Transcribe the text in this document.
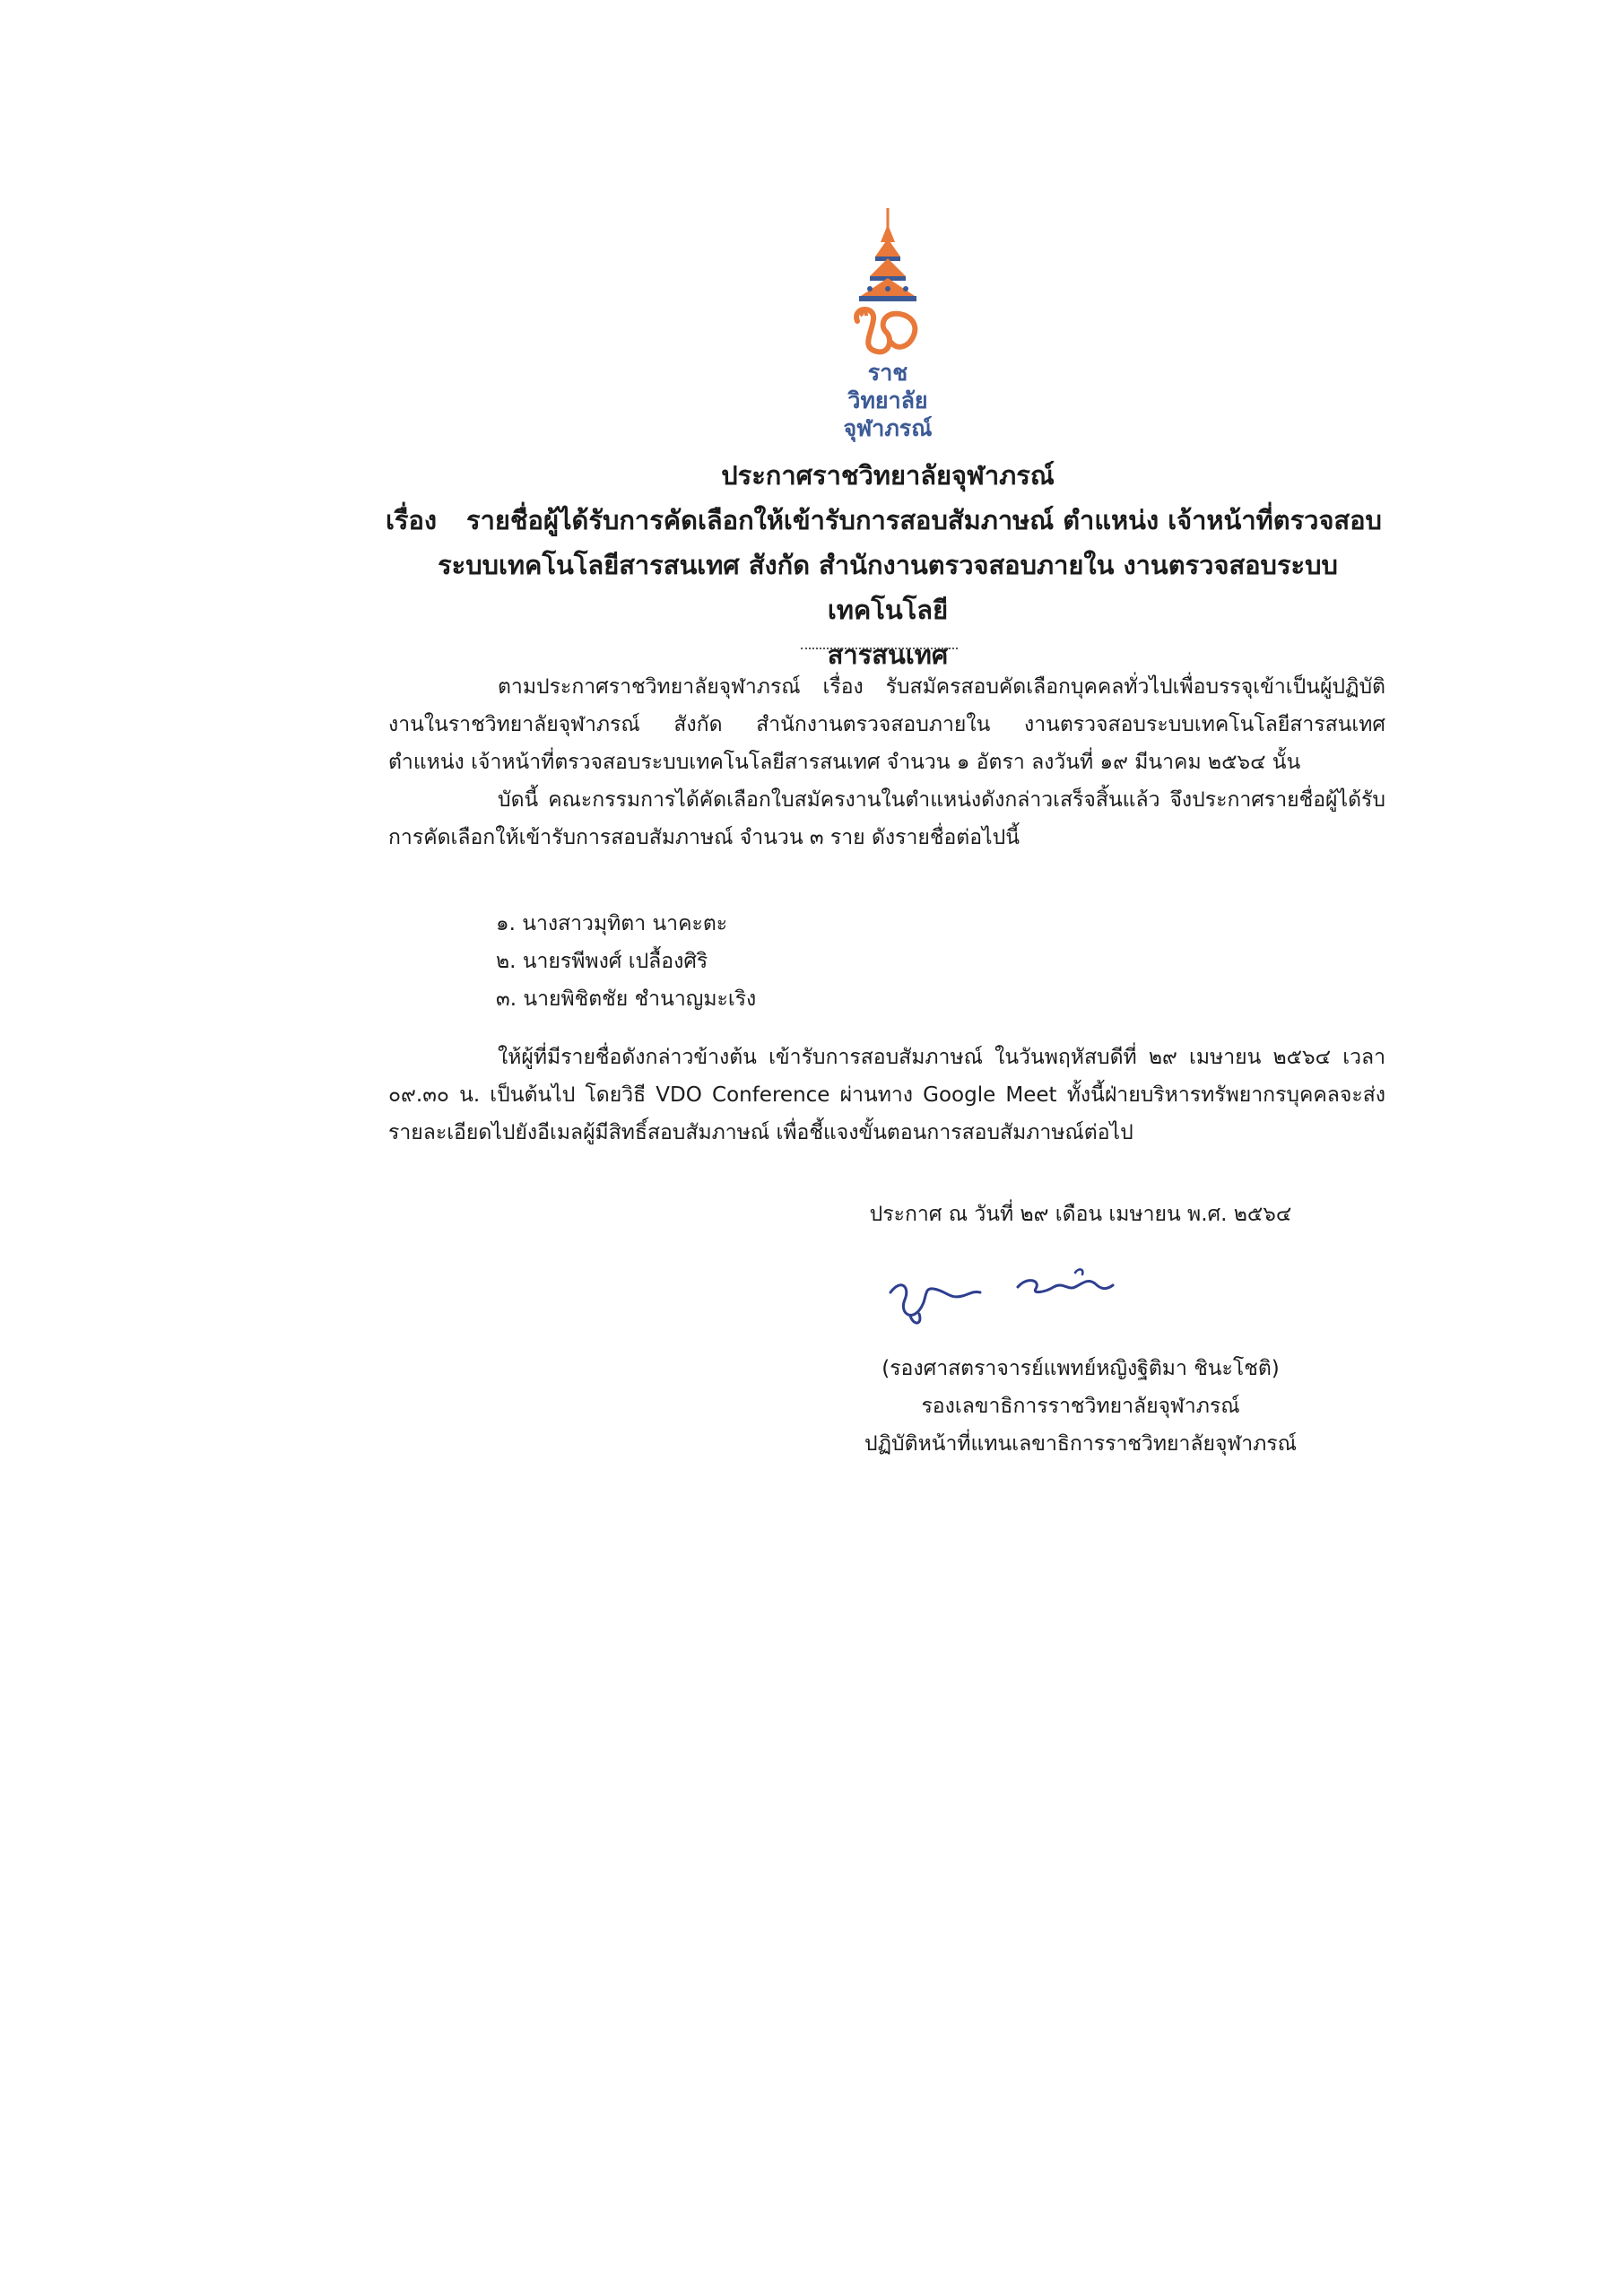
ราชวิทยาลัย
จุฬาภรณ์
ประกาศราชวิทยาลัยจุฬาภรณ์
เรื่อง	รายชื่อผู้ได้รับการคัดเลือกให้เข้ารับการสอบสัมภาษณ์ ตำแหน่ง เจ้าหน้าที่ตรวจสอบ
ระบบเทคโนโลยีสารสนเทศ สังกัด สำนักงานตรวจสอบภายใน งานตรวจสอบระบบเทคโนโลยี
สารสนเทศ

ตามประกาศราชวิทยาลัยจุฬาภรณ์ เรื่อง รับสมัครสอบคัดเลือกบุคคลทั่วไปเพื่อบรรจุเข้าเป็นผู้ปฏิบัติงานในราชวิทยาลัยจุฬาภรณ์ สังกัด สำนักงานตรวจสอบภายใน งานตรวจสอบระบบเทคโนโลยีสารสนเทศ ตำแหน่ง เจ้าหน้าที่ตรวจสอบระบบเทคโนโลยีสารสนเทศ จำนวน ๑ อัตรา ลงวันที่ ๑๙ มีนาคม ๒๕๖๔ นั้น

บัดนี้ คณะกรรมการได้คัดเลือกใบสมัครงานในตำแหน่งดังกล่าวเสร็จสิ้นแล้ว จึงประกาศรายชื่อผู้ได้รับการคัดเลือกให้เข้ารับการสอบสัมภาษณ์ จำนวน ๓ ราย ดังรายชื่อต่อไปนี้

๑. นางสาวมุทิตา นาคะตะ
๒. นายรพีพงศ์ เปลื้องศิริ
๓. นายพิชิตชัย ชำนาญมะเริง

ให้ผู้ที่มีรายชื่อดังกล่าวข้างต้น เข้ารับการสอบสัมภาษณ์ ในวันพฤหัสบดีที่ ๒๙ เมษายน ๒๕๖๔ เวลา ๐๙.๓๐ น. เป็นต้นไป โดยวิธี VDO Conference ผ่านทาง Google Meet ทั้งนี้ฝ่ายบริหารทรัพยากรบุคคลจะส่งรายละเอียดไปยังอีเมลผู้มีสิทธิ์สอบสัมภาษณ์ เพื่อชี้แจงขั้นตอนการสอบสัมภาษณ์ต่อไป

ประกาศ ณ วันที่ ๒๙ เดือน เมษายน พ.ศ. ๒๕๖๔
(รองศาสตราจารย์แพทย์หญิงฐิติมา ชินะโชติ)
รองเลขาธิการราชวิทยาลัยจุฬาภรณ์
ปฏิบัติหน้าที่แทนเลขาธิการราชวิทยาลัยจุฬาภรณ์
